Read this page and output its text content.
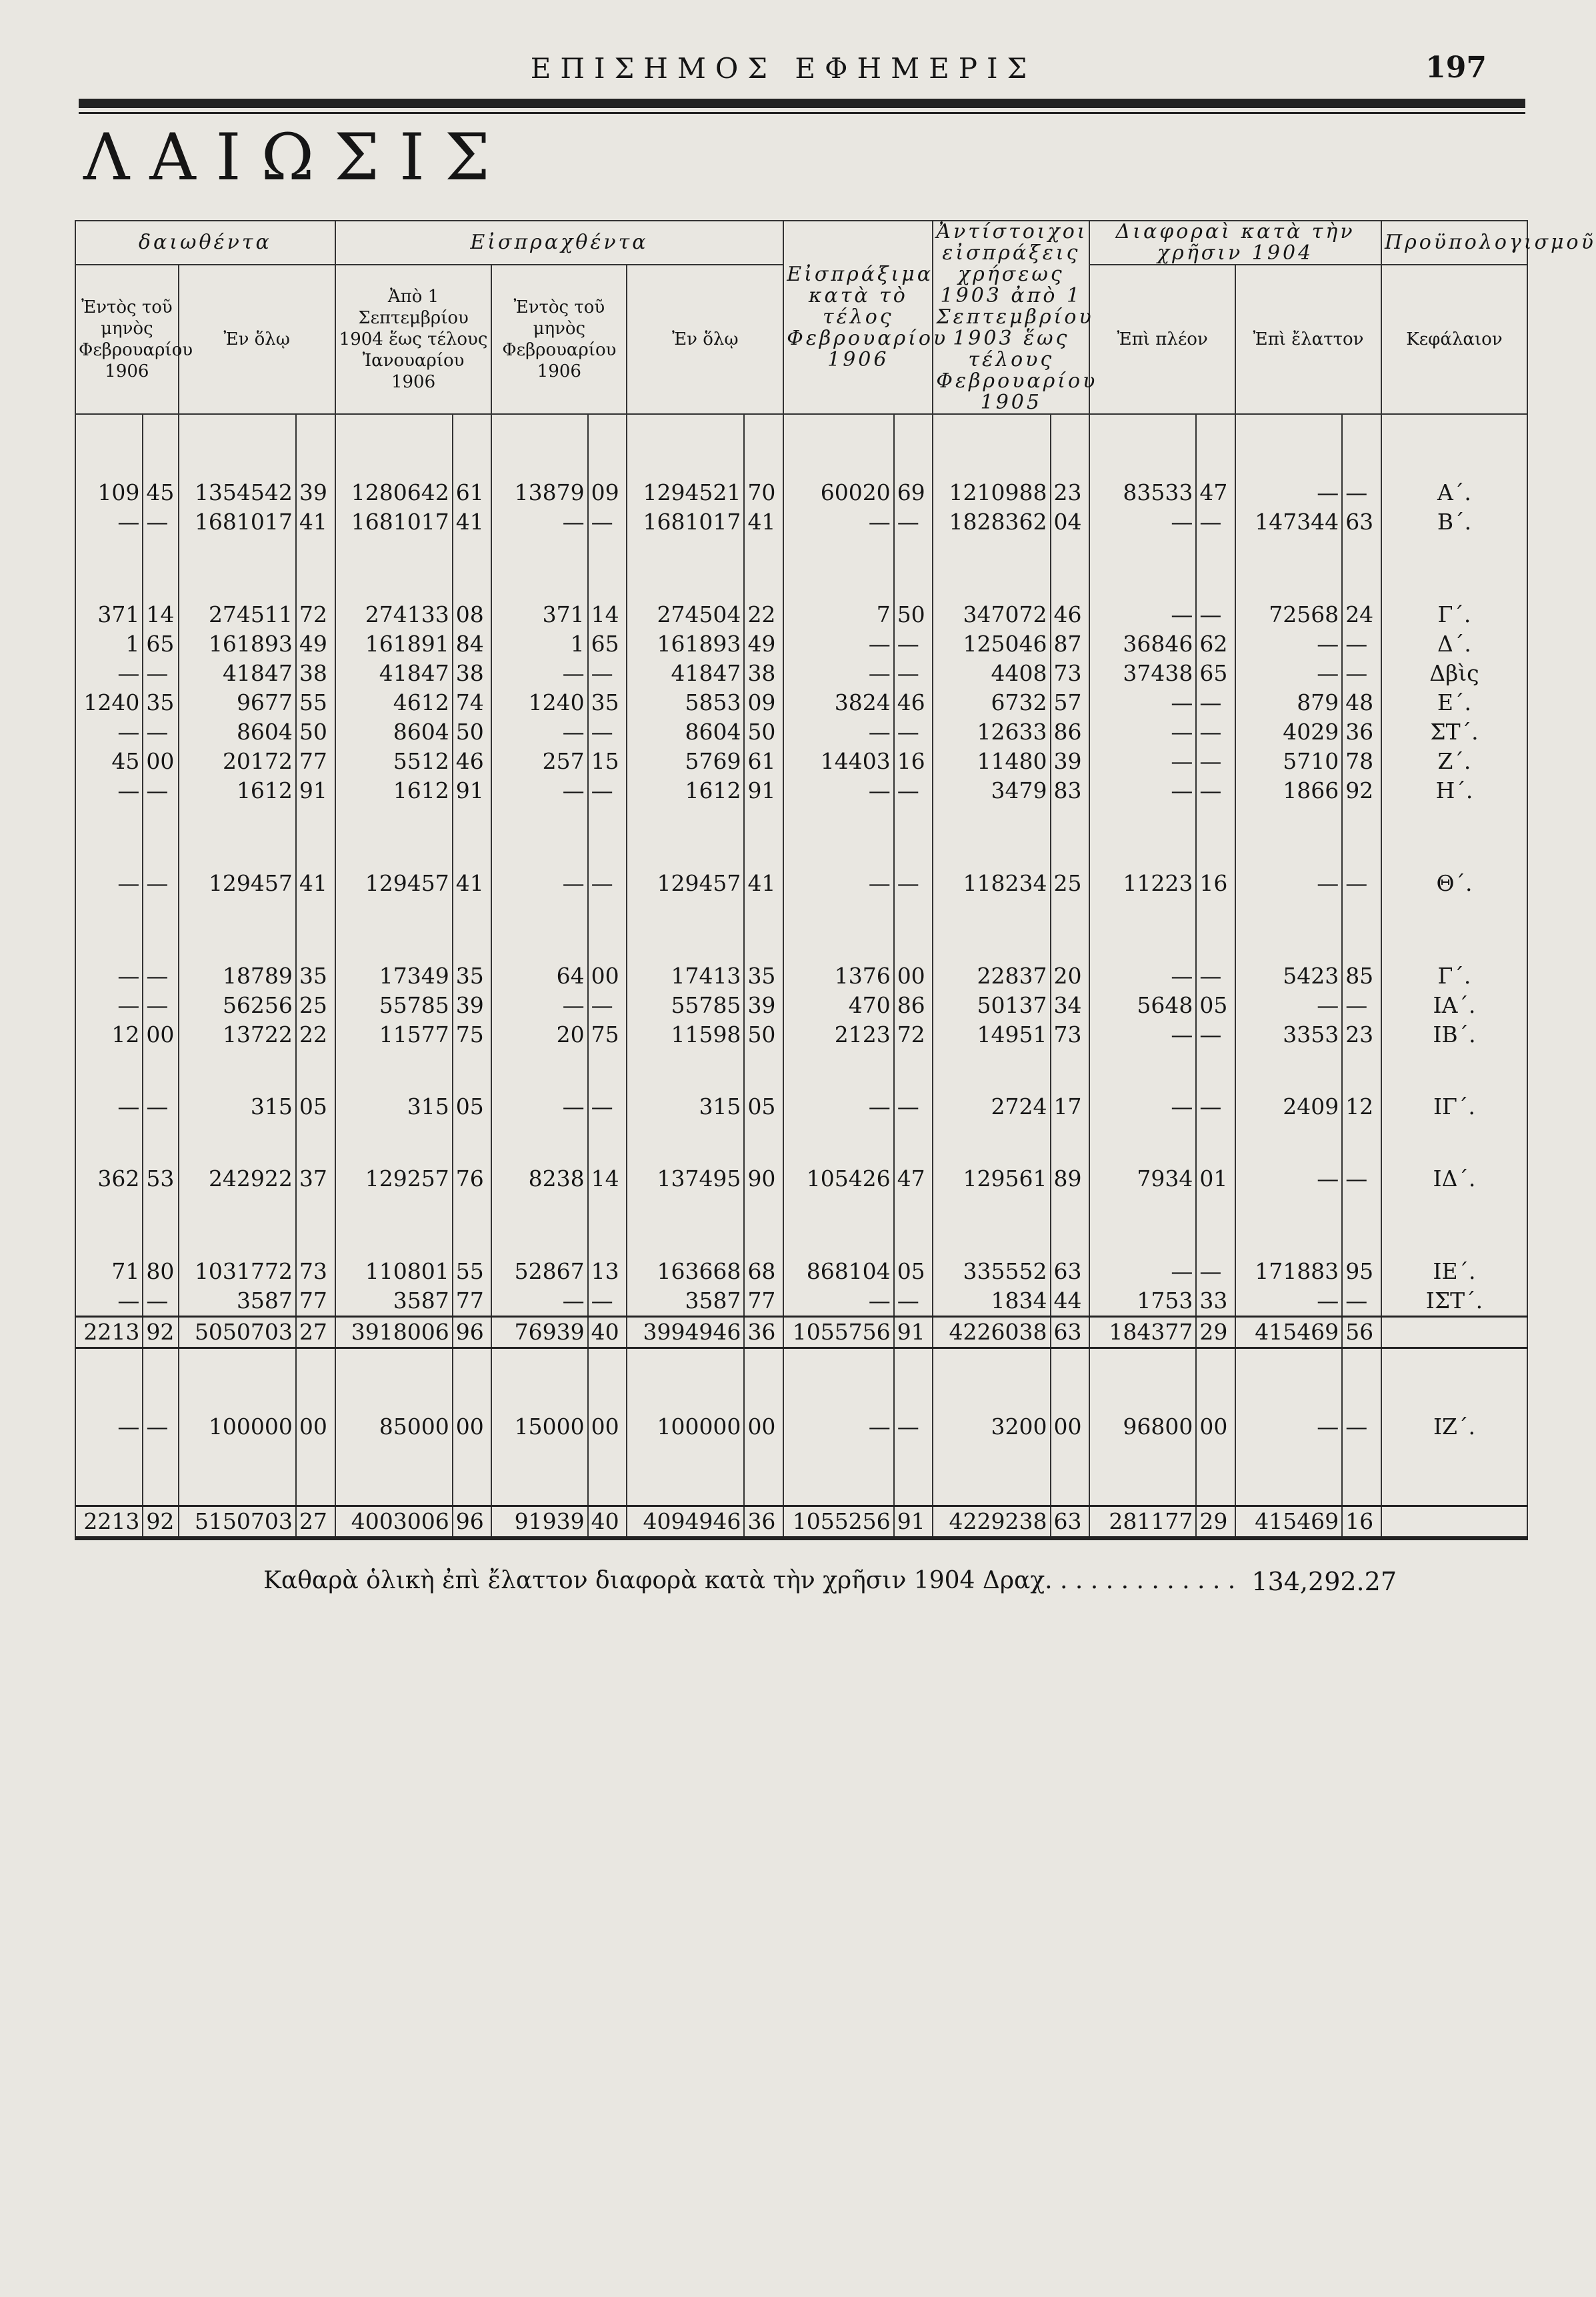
ΕΠΙΣΗΜΟΣ ΕΦΗΜΕΡΙΣ	197
ΛΑΙΩΣΙΣ
δαιωθέντα				Εἰσπραχθέντα						Εἰσπράξιμα κατὰ τὸ τέλος Φεβρουαρίου 1906		Ἀντίστοιχοι εἰσπράξεις χρήσεως 1903 ἀπὸ 1 Σεπτεμβρίου 1903 ἕως τέλους Φεβρουαρίου 1905		Διαφοραὶ κατὰ τὴν χρῆσιν 1904				Προϋπολογισμοῦ
Ἐντὸς τοῦ μηνὸς Φεβρουαρίου 1906		Ἐν ὅλῳ		Ἀπὸ 1 Σεπτεμβρίου 1904 ἕως τέλους Ἰανουαρίου 1906		Ἐντὸς τοῦ μηνὸς Φεβρουαρίου 1906		Ἐν ὅλῳ						Ἐπὶ πλέον		Ἐπὶ ἔλαττον		Κεφάλαιον

109	45	1354542	39	1280642	61	13879	09	1294521	70	60020	69	1210988	23	83533	47	—	—	Α΄.
—	—	1681017	41	1681017	41	—	—	1681017	41	—	—	1828362	04	—	—	147344	63	Β΄.

371	14	274511	72	274133	08	371	14	274504	22	7	50	347072	46	—	—	72568	24	Γ΄.
1	65	161893	49	161891	84	1	65	161893	49	—	—	125046	87	36846	62	—	—	Δ΄.
—	—	41847	38	41847	38	—	—	41847	38	—	—	4408	73	37438	65	—	—	Δβὶς
1240	35	9677	55	4612	74	1240	35	5853	09	3824	46	6732	57	—	—	879	48	Ε΄.
—	—	8604	50	8604	50	—	—	8604	50	—	—	12633	86	—	—	4029	36	ΣΤ΄.
45	00	20172	77	5512	46	257	15	5769	61	14403	16	11480	39	—	—	5710	78	Ζ΄.
—	—	1612	91	1612	91	—	—	1612	91	—	—	3479	83	—	—	1866	92	Η΄.

—	—	129457	41	129457	41	—	—	129457	41	—	—	118234	25	11223	16	—	—	Θ΄.

—	—	18789	35	17349	35	64	00	17413	35	1376	00	22837	20	—	—	5423	85	Γ΄.
—	—	56256	25	55785	39	—	—	55785	39	470	86	50137	34	5648	05	—	—	ΙΑ΄.
12	00	13722	22	11577	75	20	75	11598	50	2123	72	14951	73	—	—	3353	23	ΙΒ΄.

—	—	315	05	315	05	—	—	315	05	—	—	2724	17	—	—	2409	12	ΙΓ΄.

362	53	242922	37	129257	76	8238	14	137495	90	105426	47	129561	89	7934	01	—	—	ΙΔ΄.

71	80	1031772	73	110801	55	52867	13	163668	68	868104	05	335552	63	—	—	171883	95	ΙΕ΄.
—	—	3587	77	3587	77	—	—	3587	77	—	—	1834	44	1753	33	—	—	ΙΣΤ΄.
2213	92	5050703	27	3918006	96	76939	40	3994946	36	1055756	91	4226038	63	184377	29	415469	56	

—	—	100000	00	85000	00	15000	00	100000	00	—	—	3200	00	96800	00	—	—	ΙΖ΄.

2213	92	5150703	27	4003006	96	91939	40	4094946	36	1055256	91	4229238	63	281177	29	415469	16	
Καθαρὰ ὁλικὴ ἐπὶ ἔλαττον διαφορὰ κατὰ τὴν χρῆσιν 1904 Δραχ. . . . . . . . . . . . . 134,292.27
